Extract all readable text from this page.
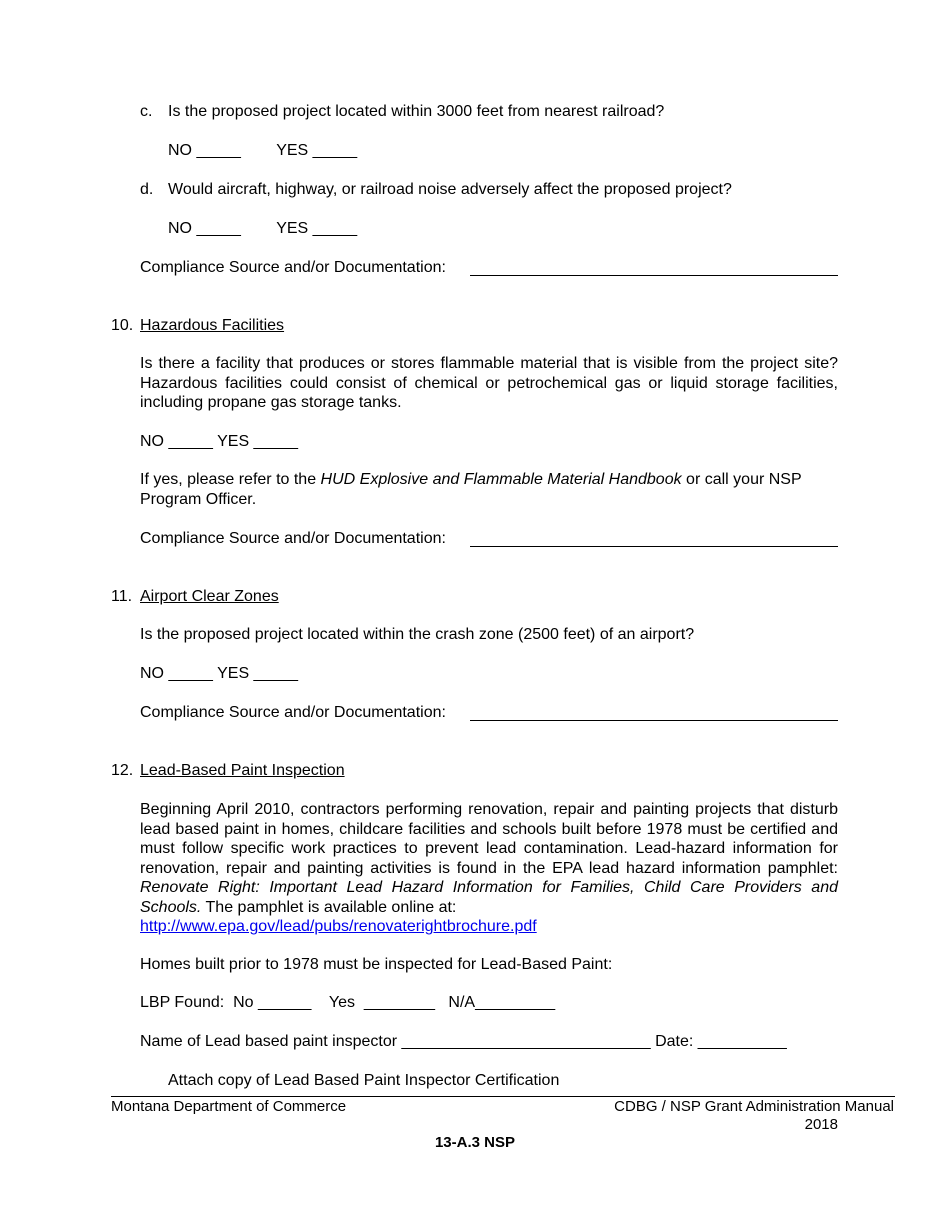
c. Is the proposed project located within 3000 feet from nearest railroad?
NO _____        YES _____
d. Would aircraft, highway, or railroad noise adversely affect the proposed project?
NO _____        YES _____
Compliance Source and/or Documentation:
10. Hazardous Facilities
Is there a facility that produces or stores flammable material that is visible from the project site? Hazardous facilities could consist of chemical or petrochemical gas or liquid storage facilities, including propane gas storage tanks.
NO _____ YES _____
If yes, please refer to the HUD Explosive and Flammable Material Handbook or call your NSP Program Officer.
Compliance Source and/or Documentation:
11. Airport Clear Zones
Is the proposed project located within the crash zone (2500 feet) of an airport?
NO _____ YES _____
Compliance Source and/or Documentation:
12. Lead-Based Paint Inspection
Beginning April 2010, contractors performing renovation, repair and painting projects that disturb lead based paint in homes, childcare facilities and schools built before 1978 must be certified and must follow specific work practices to prevent lead contamination. Lead-hazard information for renovation, repair and painting activities is found in the EPA lead hazard information pamphlet: Renovate Right: Important Lead Hazard Information for Families, Child Care Providers and Schools. The pamphlet is available online at:
http://www.epa.gov/lead/pubs/renovaterightbrochure.pdf
Homes built prior to 1978 must be inspected for Lead-Based Paint:
LBP Found:  No ______    Yes  ________   N/A_________
Name of Lead based paint inspector ____________________________ Date: __________
Attach copy of Lead Based Paint Inspector Certification
Montana Department of Commerce	CDBG / NSP Grant Administration Manual
2018
13-A.3 NSP
